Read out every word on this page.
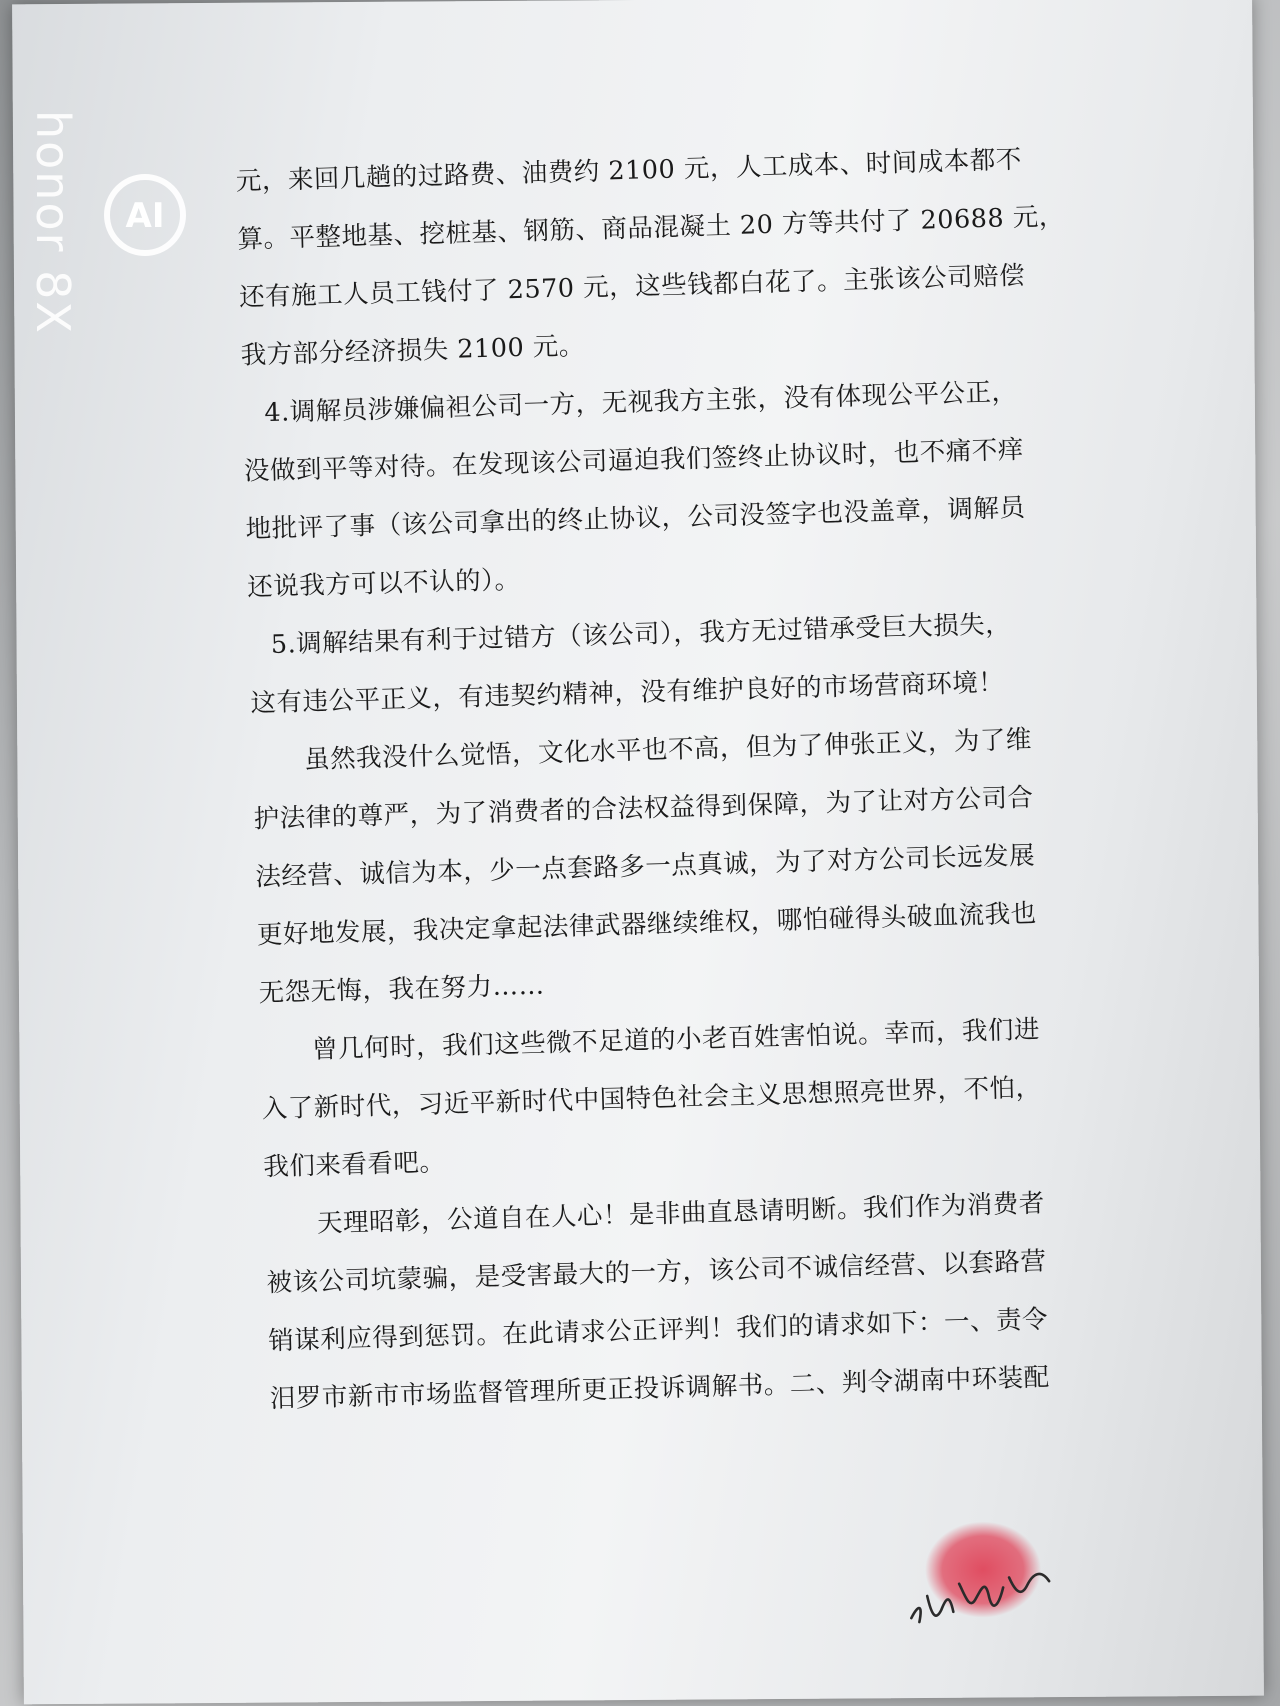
元，来回几趟的过路费、油费约 2100 元，人工成本、时间成本都不
算。平整地基、挖桩基、钢筋、商品混凝土 20 方等共付了 20688 元，
还有施工人员工钱付了 2570 元，这些钱都白花了。主张该公司赔偿
我方部分经济损失 2100 元。
4.调解员涉嫌偏袒公司一方，无视我方主张，没有体现公平公正，
没做到平等对待。在发现该公司逼迫我们签终止协议时，也不痛不痒
地批评了事（该公司拿出的终止协议，公司没签字也没盖章，调解员
还说我方可以不认的）。
5.调解结果有利于过错方（该公司），我方无过错承受巨大损失，
这有违公平正义，有违契约精神，没有维护良好的市场营商环境！
虽然我没什么觉悟，文化水平也不高，但为了伸张正义，为了维
护法律的尊严，为了消费者的合法权益得到保障，为了让对方公司合
法经营、诚信为本，少一点套路多一点真诚，为了对方公司长远发展
更好地发展，我决定拿起法律武器继续维权，哪怕碰得头破血流我也
无怨无悔，我在努力……
曾几何时，我们这些微不足道的小老百姓害怕说。幸而，我们进
入了新时代，习近平新时代中国特色社会主义思想照亮世界，不怕，
我们来看看吧。
天理昭彰，公道自在人心！是非曲直恳请明断。我们作为消费者
被该公司坑蒙骗，是受害最大的一方，该公司不诚信经营、以套路营
销谋利应得到惩罚。在此请求公正评判！我们的请求如下：一、责令
汨罗市新市市场监督管理所更正投诉调解书。二、判令湖南中环装配
honor 8X AI
